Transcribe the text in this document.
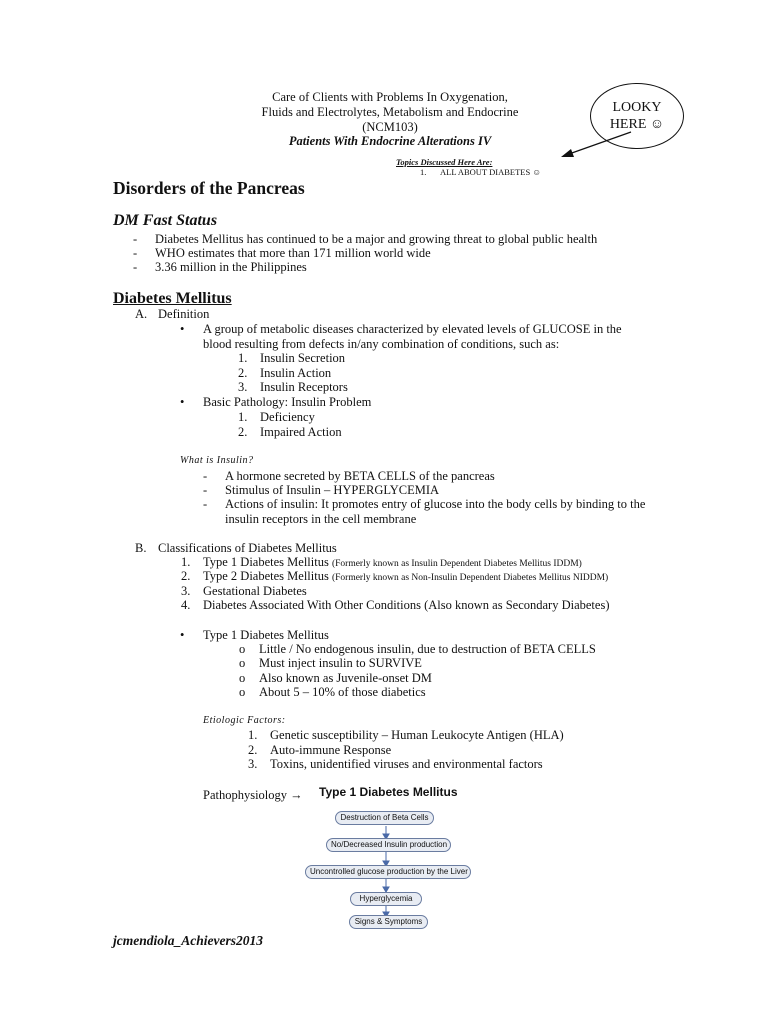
Care of Clients with Problems In Oxygenation,
Fluids and Electrolytes, Metabolism and Endocrine
(NCM103)
Patients With Endocrine Alterations IV
LOOKY
HERE ☺
Topics Discussed Here Are:
1. ALL ABOUT DIABETES ☺
Disorders of the Pancreas
DM Fast Status
- Diabetes Mellitus has continued to be a major and growing threat to global public health
- WHO estimates that more than 171 million world wide
- 3.36 million in the Philippines
Diabetes Mellitus
A. Definition
• A group of metabolic diseases characterized by elevated levels of GLUCOSE in the
blood resulting from defects in/any combination of conditions, such as:
1. Insulin Secretion
2. Insulin Action
3. Insulin Receptors
• Basic Pathology: Insulin Problem
1. Deficiency
2. Impaired Action
What is Insulin?
- A hormone secreted by BETA CELLS of the pancreas
- Stimulus of Insulin – HYPERGLYCEMIA
- Actions of insulin: It promotes entry of glucose into the body cells by binding to the
insulin receptors in the cell membrane
B. Classifications of Diabetes Mellitus
1. Type 1 Diabetes Mellitus (Formerly known as Insulin Dependent Diabetes Mellitus IDDM)
2. Type 2 Diabetes Mellitus (Formerly known as Non-Insulin Dependent Diabetes Mellitus NIDDM)
3. Gestational Diabetes
4. Diabetes Associated With Other Conditions (Also known as Secondary Diabetes)
• Type 1 Diabetes Mellitus
o Little / No endogenous insulin, due to destruction of BETA CELLS
o Must inject insulin to SURVIVE
o Also known as Juvenile-onset DM
o About 5 – 10% of those diabetics
Etiologic Factors:
1. Genetic susceptibility – Human Leukocyte Antigen (HLA)
2. Auto-immune Response
3. Toxins, unidentified viruses and environmental factors
Pathophysiology → Type 1 Diabetes Mellitus
Destruction of Beta Cells
No/Decreased Insulin production
Uncontrolled glucose production by the Liver
Hyperglycemia
Signs & Symptoms
jcmendiola_Achievers2013
